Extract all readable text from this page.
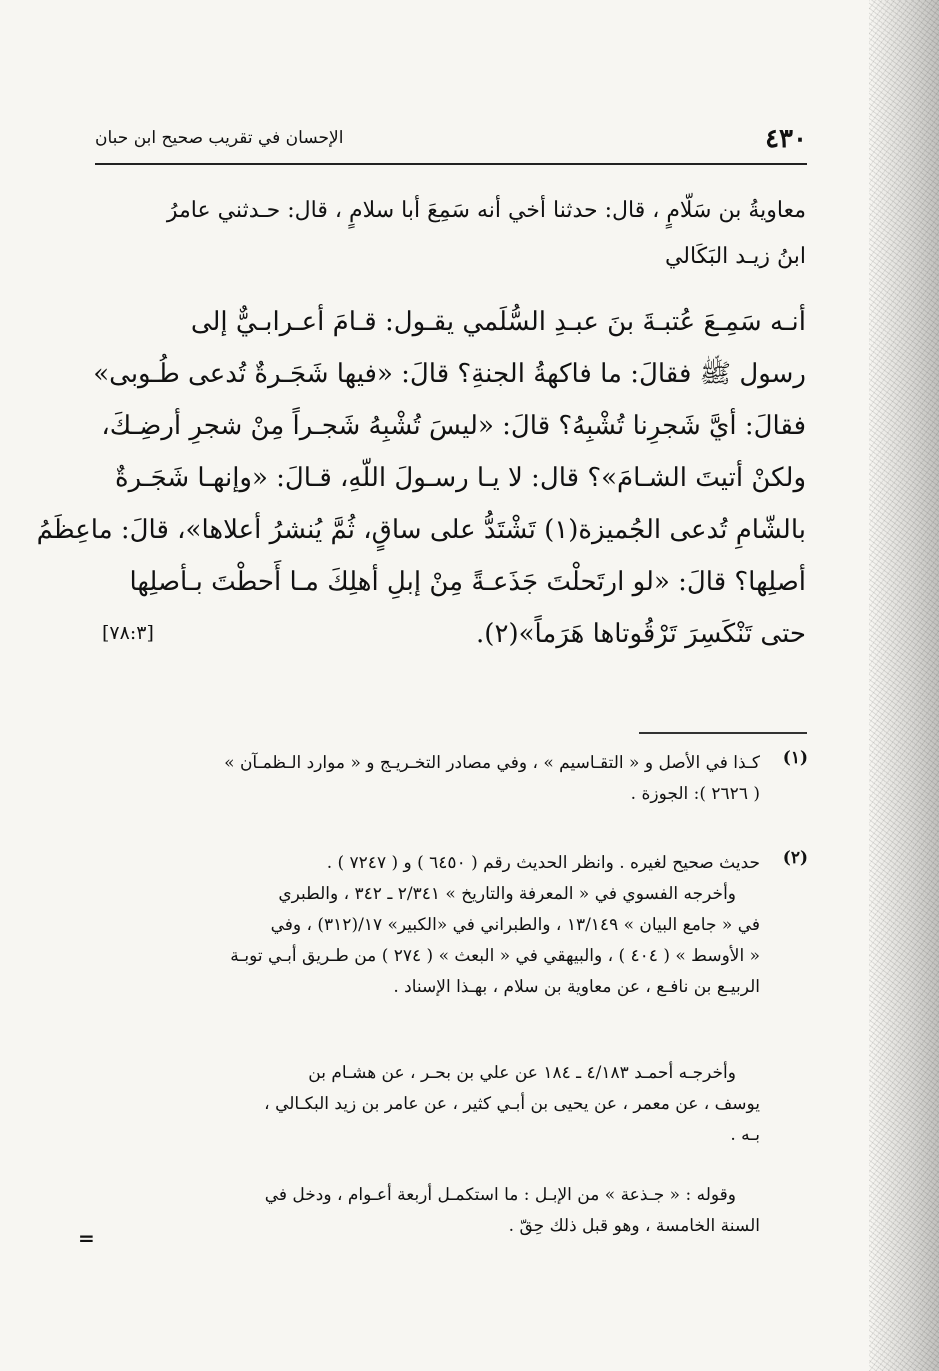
٤٣٠
الإحسان في تقريب صحيح ابن حبان
معاويةُ بن سَلّامٍ ، قال: حدثنا أخي أنه سَمِعَ أبا سلامٍ ، قال: حـدثني عامرُ
ابنُ زيـد البَكَالي
أنـه سَمِـعَ عُتبـةَ بنَ عبـدِ السُّلَمي يقـول: قـامَ أعـرابـيٌّ إلى
رسول ﷺ فقالَ: ما فاكهةُ الجنةِ؟ قالَ: «فيها شَجَـرةٌ تُدعى طُـوبى»
فقالَ: أيَّ شَجرِنا تُشْبِهُ؟ قالَ: «ليسَ تُشْبِهُ شَجـراً مِنْ شجرِ أرضِـكَ،
ولكنْ أتيتَ الشـامَ»؟ قال: لا يـا رسـولَ اللّهِ، قـالَ: «وإنهـا شَجَـرةٌ
بالشّامِ تُدعى الجُميزة(١) تَشْتَدُّ على ساقٍ، ثُمَّ يُنشرُ أعلاها»، قالَ: ماعِظَمُ
أصلِها؟ قالَ: «لو ارتَحلْتَ جَذَعـةً مِنْ إبلِ أهلِكَ مـا أَحطْتَ بـأصلِها
حتى تَنْكَسِرَ تَرْقُوتاها هَرَماً»(٢).
[٧٨:٣]
(١)
كـذا في الأصل و « التقـاسيم » ، وفي مصادر التخـريـج و « موارد الـظمـآن »
( ٢٦٢٦ ): الجوزة .
(٢)
حديث صحيح لغيره . وانظر الحديث رقم ( ٦٤٥٠ ) و ( ٧٢٤٧ ) .
وأخرجه الفسوي في « المعرفة والتاريخ » ٢/٣٤١ ـ ٣٤٢ ، والطبري
في « جامع البيان » ١٣/١٤٩ ، والطبراني في «الكبير» ١٧/(٣١٢) ، وفي
« الأوسط » ( ٤٠٤ ) ، والبيهقي في « البعث » ( ٢٧٤ ) من طـريق أبـي توبـة
الربيـع بن نافـع ، عن معاوية بن سلام ، بهـذا الإسناد .
وأخرجـه أحمـد ٤/١٨٣ ـ ١٨٤ عن علي بن بحـر ، عن هشـام بن
يوسف ، عن معمر ، عن يحيى بن أبـي كثير ، عن عامر بن زيد البكـالي ،
بـه .
وقوله : « جـذعة » من الإبـل : ما استكمـل أربعة أعـوام ، ودخل في
السنة الخامسة ، وهو قبل ذلك حِقّ .
=
